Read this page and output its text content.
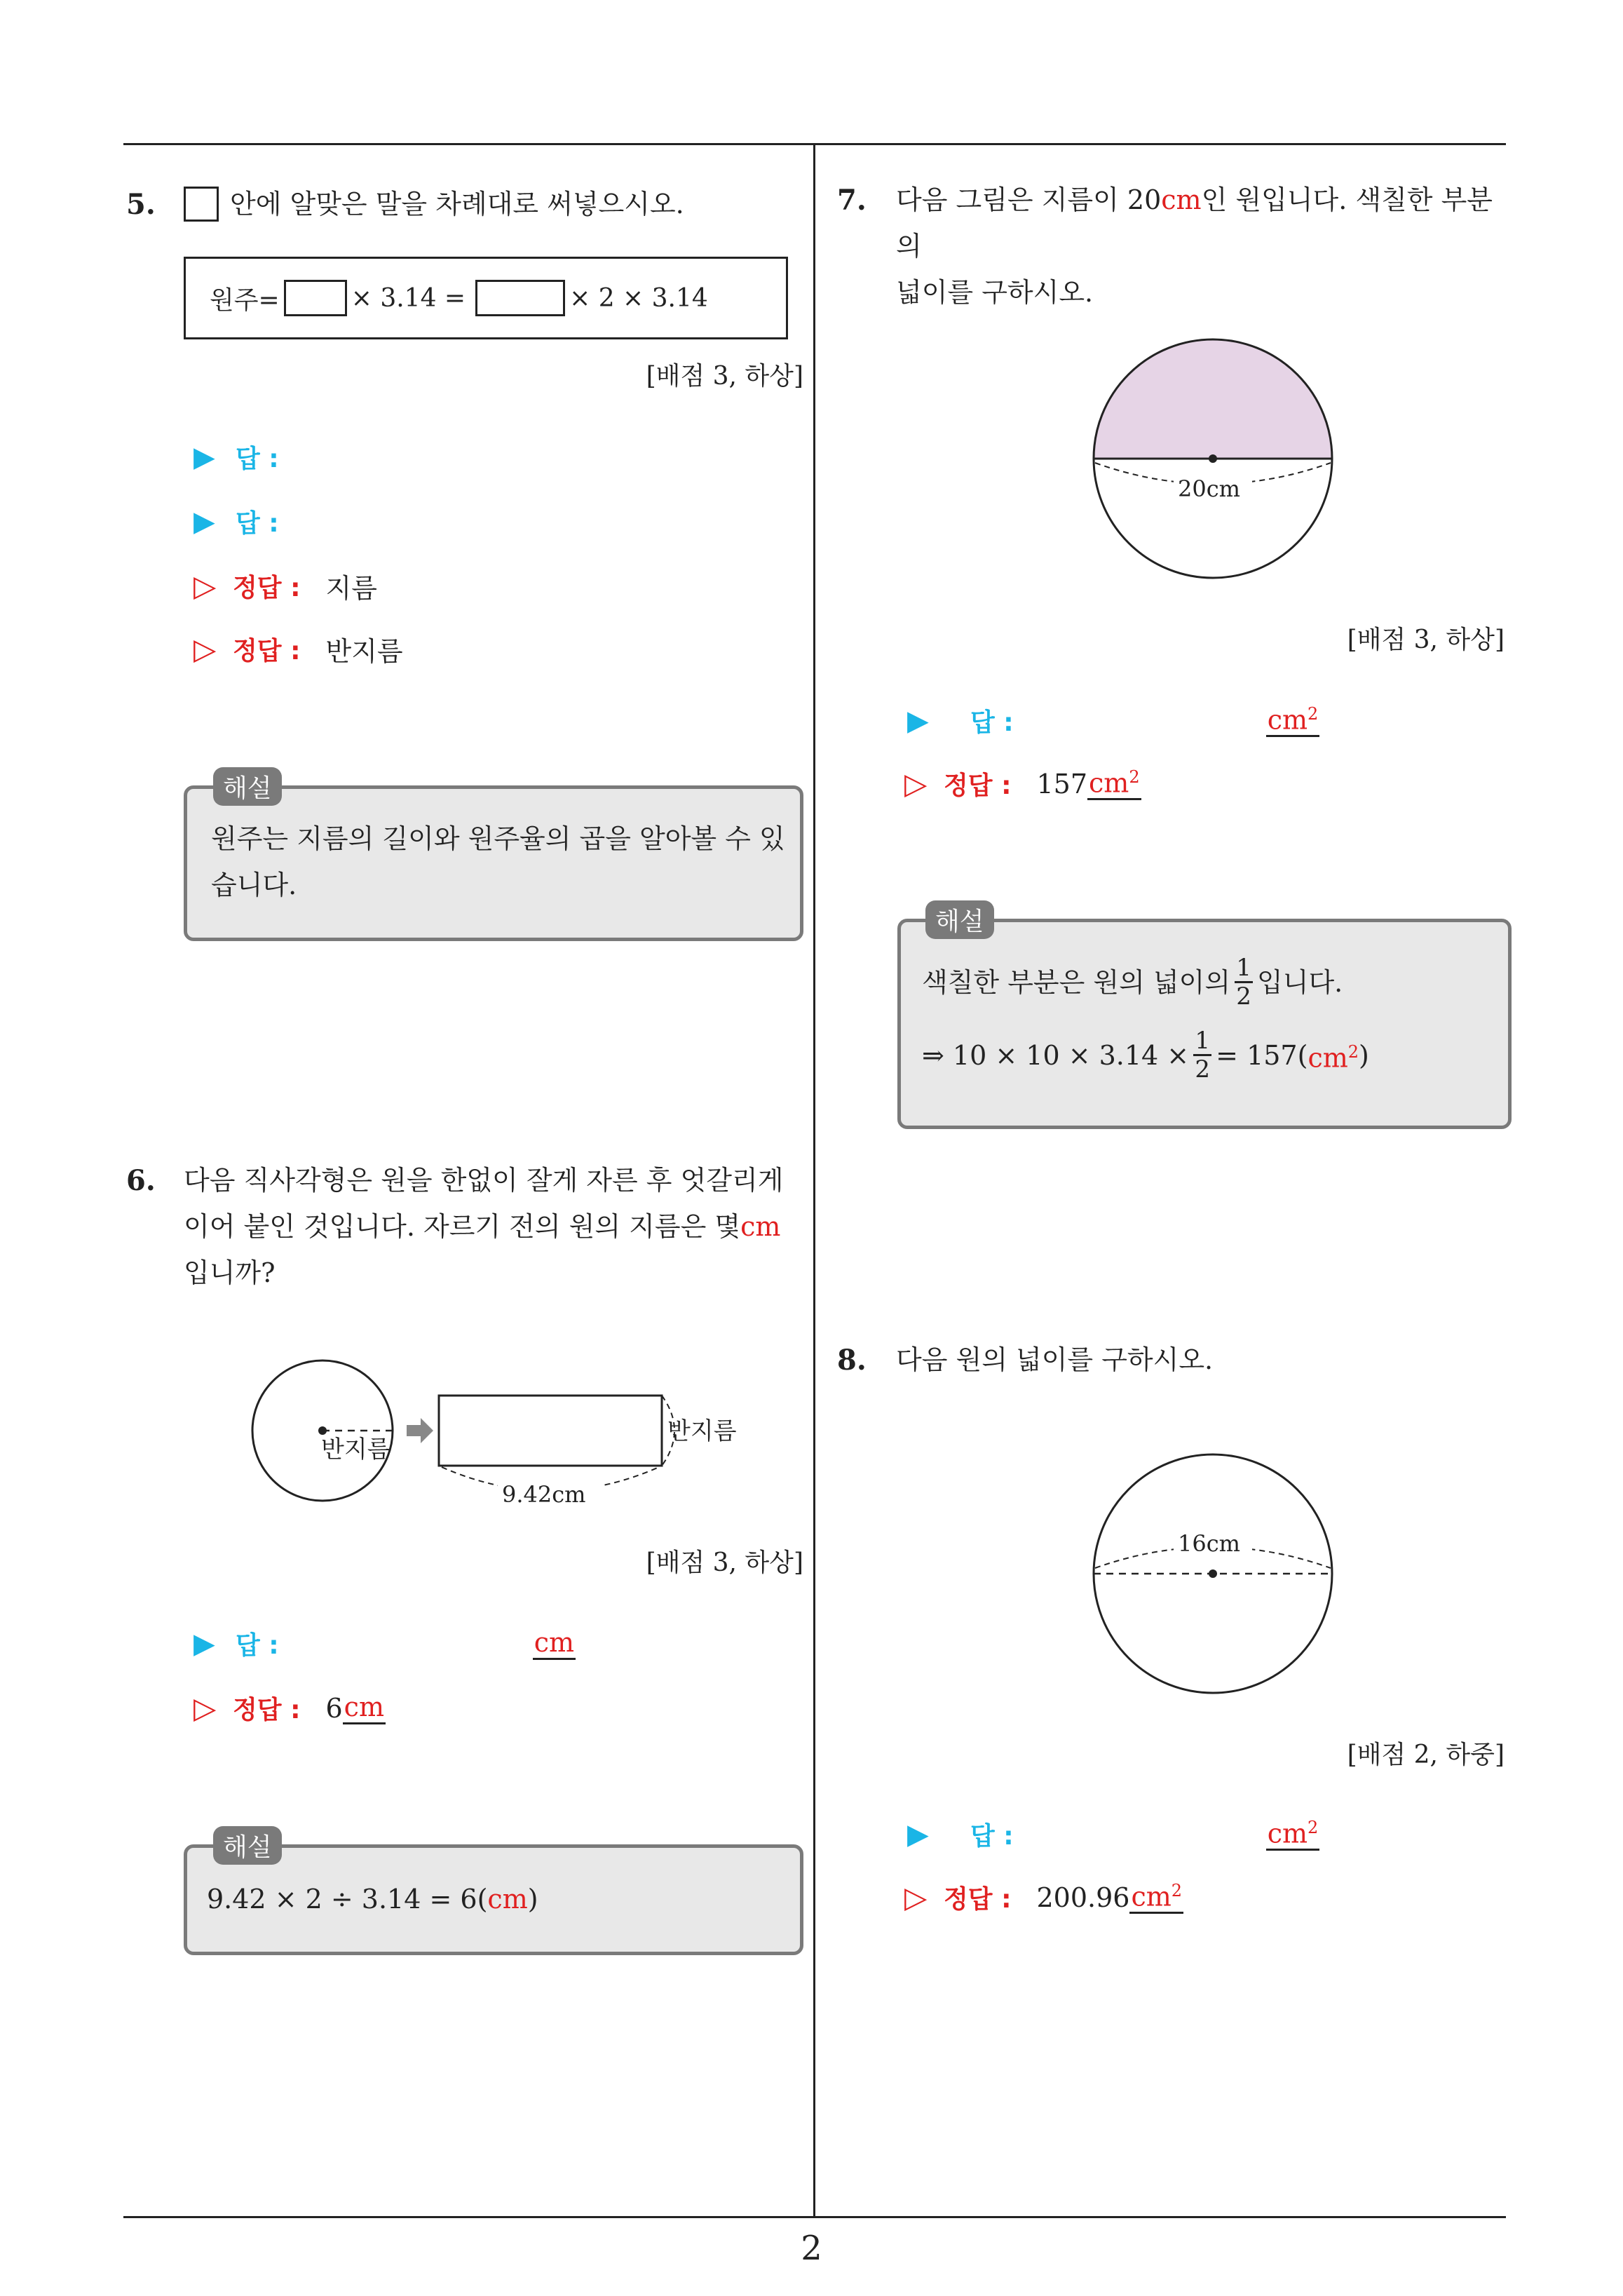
2
5.	안에 알맞은 말을 차례대로 써넣으시오.
원주=	× 3.14 =	× 2 × 3.14
[배점 3, 하상]
▶ 답 :
▶ 답 :
▷ 정답 : 지름
▷ 정답 : 반지름
원주는 지름의 길이와 원주율의 곱을 알아볼 수 있습니다.
해설
6. 다음 직사각형은 원을 한없이 잘게 자른 후 엇갈리게
이어 붙인 것입니다. 자르기 전의 원의 지름은 몇cm
입니까?
반지름
반지름
9.42cm
[배점 3, 하상]
▶ 답 :	cm
▷ 정답 : 6 cm
9.42 × 2 ÷ 3.14 = 6(cm)
해설
7. 다음 그림은 지름이 20cm인 원입니다. 색칠한 부분의
넓이를 구하시오.
20cm
[배점 3, 하상]
▶	답 :	$cm^2$
▷ 정답 : 157 $cm^2$
색칠한 부분은 원의 넓이의 $\frac{1}{2}$ 입니다.
⇒ $10 \times 10 \times 3.14 \times \frac{1}{2} = 157$( $cm^2$ )
해설
8. 다음 원의 넓이를 구하시오.
16cm
[배점 2, 하중]
▶	답 :	$cm^2$
▷ 정답 : 200.96 $cm^2$
